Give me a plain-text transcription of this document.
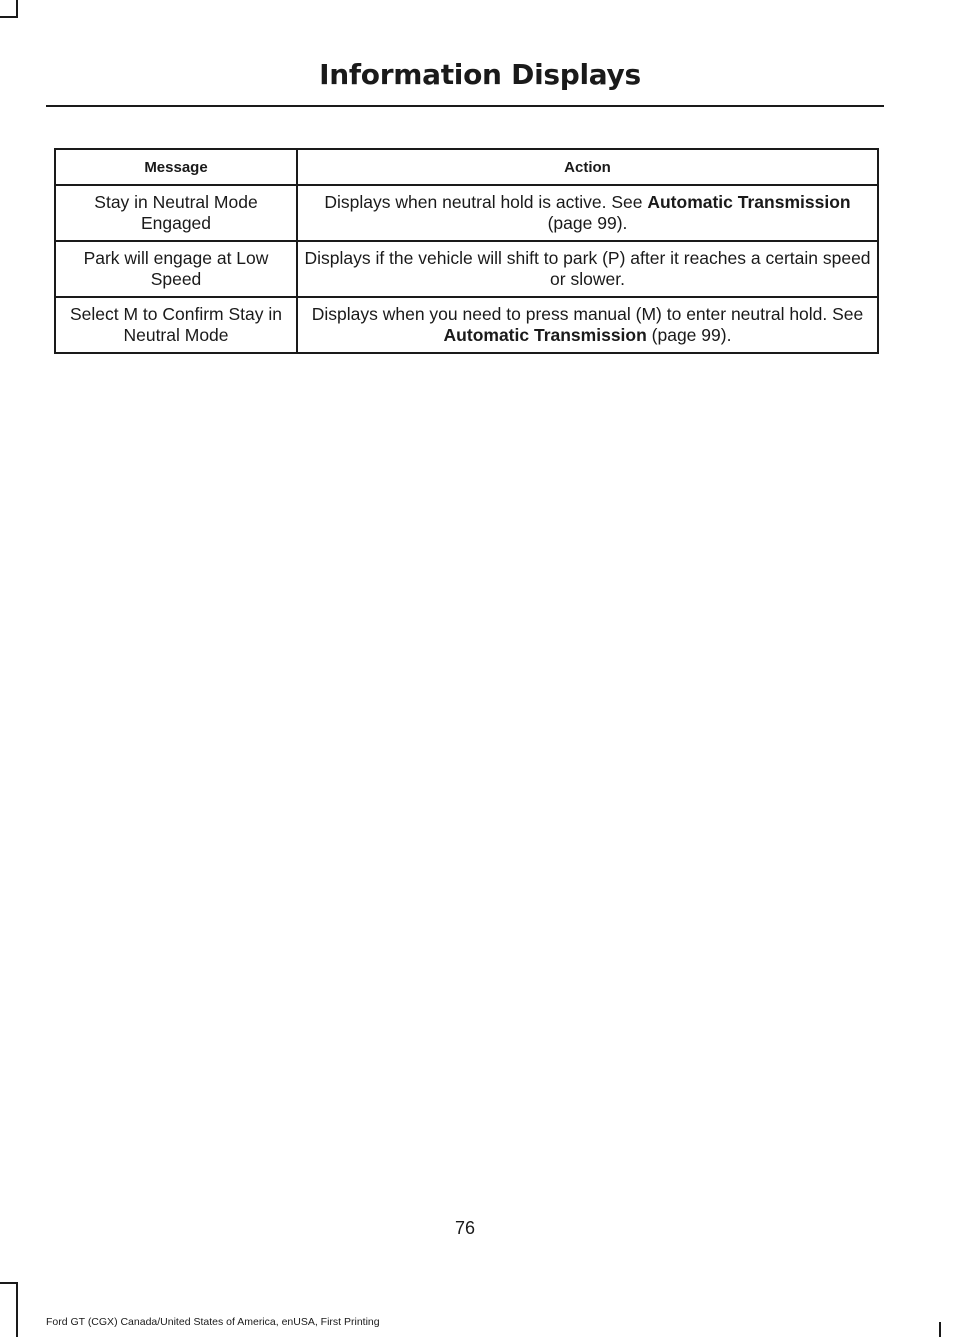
Information Displays
Message	Action
Stay in Neutral Mode Engaged	Displays when neutral hold is active. See Automatic Transmission (page 99).
Park will engage at Low Speed	Displays if the vehicle will shift to park (P) after it reaches a certain speed or slower.
Select M to Confirm Stay in Neutral Mode	Displays when you need to press manual (M) to enter neutral hold. See Automatic Transmission (page 99).
76
Ford GT (CGX) Canada/United States of America, enUSA, First Printing
